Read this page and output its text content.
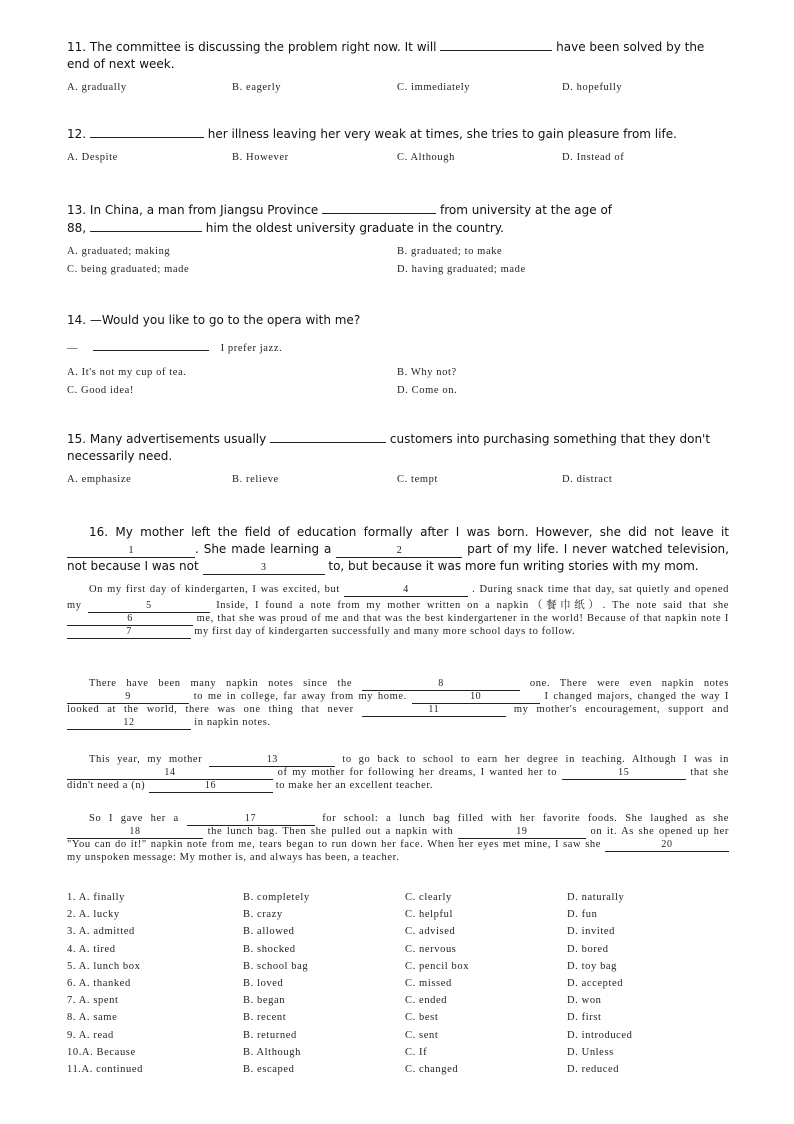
11. The committee is discussing the problem right now. It will	have been solved by the end of next week.

A. gradually	B. eagerly	C. immediately	D. hopefully

12.	her illness leaving her very weak at times, she tries to gain pleasure from life.

A. Despite	B. However	C. Although	D. Instead of

13. In China, a man from Jiangsu Province	from university at the age of
88,	him the oldest university graduate in the country.

A. graduated; making	B. graduated; to make
C. being graduated; made	D. having graduated; made

14. —Would you like to go to the opera with me?

—	I prefer jazz.
A. It's not my cup of tea.	B. Why not?
C. Good idea!	D. Come on.

15. Many advertisements usually	customers into purchasing something that they don't necessarily need.

A. emphasize	B. relieve	C. tempt	D. distract

16. My mother left the field of education formally after I was born. However, she did not leave it 1	. She made learning a	2	part of my life. I never watched television, not because I was not	3	to, but because it was more fun writing stories with my mom.

On my first day of kindergarten, I was excited, but	4	. During snack time that day, sat quietly and opened my	5	Inside, I found a note from my mother written on a napkin（餐巾纸）. The note said that she 6	me, that she was proud of me and that was the best kindergartener in the world! Because of that napkin note I 7	my first day of kindergarten successfully and many more school days to follow.
There have been many napkin notes since the	8	one. There were even napkin notes 9	to me in college, far away from my home.	10	I changed majors, changed the way I looked at the world, there was one thing that never	11	my mother's encouragement, support and 12	in napkin notes.
This year, my mother	13	to go back to school to earn her degree in teaching. Although I was in 14	of my mother for following her dreams, I wanted her to	15	that she didn't need a (n)	16	to make her an excellent teacher.
So I gave her a	17	for school: a lunch bag filled with her favorite foods. She laughed as she 18	the lunch bag. Then she pulled out a napkin with	19	on it. As she opened up her "You can do it!" napkin note from me, tears began to run down her face. When her eyes met mine, I saw she	20 my unspoken message: My mother is, and always has been, a teacher.
1. A. finally	B. completely	C. clearly	D. naturally
2. A. lucky	B. crazy	C. helpful	D. fun
3. A. admitted	B. allowed	C. advised	D. invited
4. A. tired	B. shocked	C. nervous	D. bored
5. A. lunch box	B. school bag	C. pencil box	D. toy bag
6. A. thanked	B. loved	C. missed	D. accepted
7. A. spent	B. began	C. ended	D. won
8. A. same	B. recent	C. best	D. first
9. A. read	B. returned	C. sent	D. introduced
10.A. Because	B. Although	C. If	D. Unless
11.A. continued	B. escaped	C. changed	D. reduced
